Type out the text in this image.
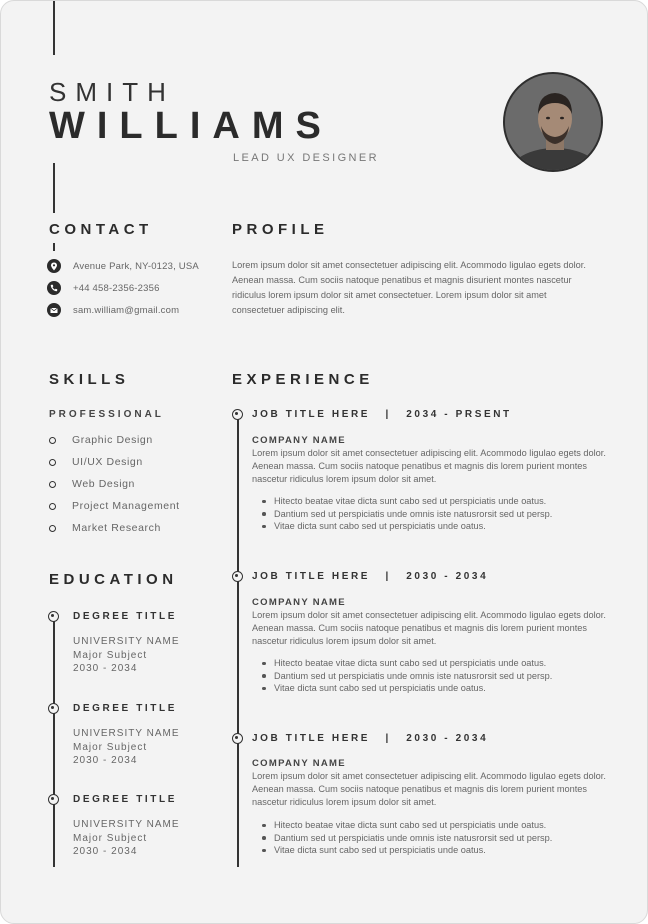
SMITH
WILLIAMS
LEAD UX DESIGNER
CONTACT
Avenue Park, NY-0123, USA
+44 458-2356-2356
sam.william@gmail.com
PROFILE
Lorem ipsum dolor sit amet consectetuer adipiscing elit. Acommodo ligulao egets dolor. Aenean massa. Cum sociis natoque penatibus et magnis disurient montes nascetur ridiculus lorem ipsum dolor sit amet consectetuer. Lorem ipsum dolor sit amet consectetuer adipiscing elit.
SKILLS
PROFESSIONAL
Graphic Design
UI/UX Design
Web Design
Project Management
Market Research
EDUCATION
DEGREE TITLE
UNIVERSITY NAME
Major Subject
2030 - 2034
DEGREE TITLE
UNIVERSITY NAME
Major Subject
2030 - 2034
DEGREE TITLE
UNIVERSITY NAME
Major Subject
2030 - 2034
EXPERIENCE
JOB TITLE HERE | 2034 - PRSENT
COMPANY NAME
Lorem ipsum dolor sit amet consectetuer adipiscing elit. Acommodo ligulao egets dolor. Aenean massa. Cum sociis natoque penatibus et magnis dis lorem purient montes nascetur ridiculus lorem ipsum dolor sit amet.
Hitecto beatae vitae dicta sunt cabo sed ut perspiciatis unde oatus.
Dantium sed ut perspiciatis unde omnis iste natusrorsit sed ut persp.
Vitae dicta sunt cabo sed ut perspiciatis unde oatus.
JOB TITLE HERE | 2030 - 2034
COMPANY NAME
Lorem ipsum dolor sit amet consectetuer adipiscing elit. Acommodo ligulao egets dolor. Aenean massa. Cum sociis natoque penatibus et magnis dis lorem purient montes nascetur ridiculus lorem ipsum dolor sit amet.
Hitecto beatae vitae dicta sunt cabo sed ut perspiciatis unde oatus.
Dantium sed ut perspiciatis unde omnis iste natusrorsit sed ut persp.
Vitae dicta sunt cabo sed ut perspiciatis unde oatus.
JOB TITLE HERE | 2030 - 2034
COMPANY NAME
Lorem ipsum dolor sit amet consectetuer adipiscing elit. Acommodo ligulao egets dolor. Aenean massa. Cum sociis natoque penatibus et magnis dis lorem purient montes nascetur ridiculus lorem ipsum dolor sit amet.
Hitecto beatae vitae dicta sunt cabo sed ut perspiciatis unde oatus.
Dantium sed ut perspiciatis unde omnis iste natusrorsit sed ut persp.
Vitae dicta sunt cabo sed ut perspiciatis unde oatus.
